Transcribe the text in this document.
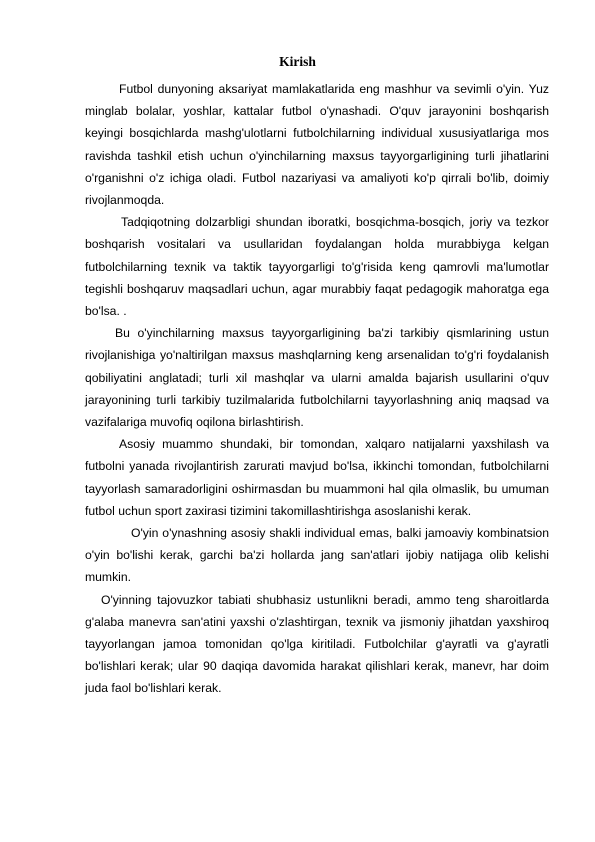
Kirish

Futbol dunyoning aksariyat mamlakatlarida eng mashhur va sevimli o'yin. Yuz minglab bolalar, yoshlar, kattalar futbol o'ynashadi. O'quv jarayonini boshqarish keyingi bosqichlarda mashg'ulotlarni futbolchilarning individual xususiyatlariga mos ravishda tashkil etish uchun o'yinchilarning maxsus tayyorgarligining turli jihatlarini o'rganishni o'z ichiga oladi. Futbol nazariyasi va amaliyoti ko'p qirrali bo'lib, doimiy rivojlanmoqda.

Tadqiqotning dolzarbligi shundan iboratki, bosqichma-bosqich, joriy va tezkor boshqarish vositalari va usullaridan foydalangan holda murabbiyga kelgan futbolchilarning texnik va taktik tayyorgarligi to'g'risida keng qamrovli ma'lumotlar tegishli boshqaruv maqsadlari uchun, agar murabbiy faqat pedagogik mahoratga ega bo'lsa. .

Bu o'yinchilarning maxsus tayyorgarligining ba'zi tarkibiy qismlarining ustun rivojlanishiga yo'naltirilgan maxsus mashqlarning keng arsenalidan to'g'ri foydalanish qobiliyatini anglatadi; turli xil mashqlar va ularni amalda bajarish usullarini o'quv jarayonining turli tarkibiy tuzilmalarida futbolchilarni tayyorlashning aniq maqsad va vazifalariga muvofiq oqilona birlashtirish.

Asosiy muammo shundaki, bir tomondan, xalqaro natijalarni yaxshilash va futbolni yanada rivojlantirish zarurati mavjud bo'lsa, ikkinchi tomondan, futbolchilarni tayyorlash samaradorligini oshirmasdan bu muammoni hal qila olmaslik, bu umuman futbol uchun sport zaxirasi tizimini takomillashtirishga asoslanishi kerak.

O'yin o'ynashning asosiy shakli individual emas, balki jamoaviy kombinatsion o'yin bo'lishi kerak, garchi ba'zi hollarda jang san'atlari ijobiy natijaga olib kelishi mumkin.

O'yinning tajovuzkor tabiati shubhasiz ustunlikni beradi, ammo teng sharoitlarda g'alaba manevra san'atini yaxshi o'zlashtirgan, texnik va jismoniy jihatdan yaxshiroq tayyorlangan jamoa tomonidan qo'lga kiritiladi. Futbolchilar g'ayratli va g'ayratli bo'lishlari kerak; ular 90 daqiqa davomida harakat qilishlari kerak, manevr, har doim juda faol bo'lishlari kerak.
